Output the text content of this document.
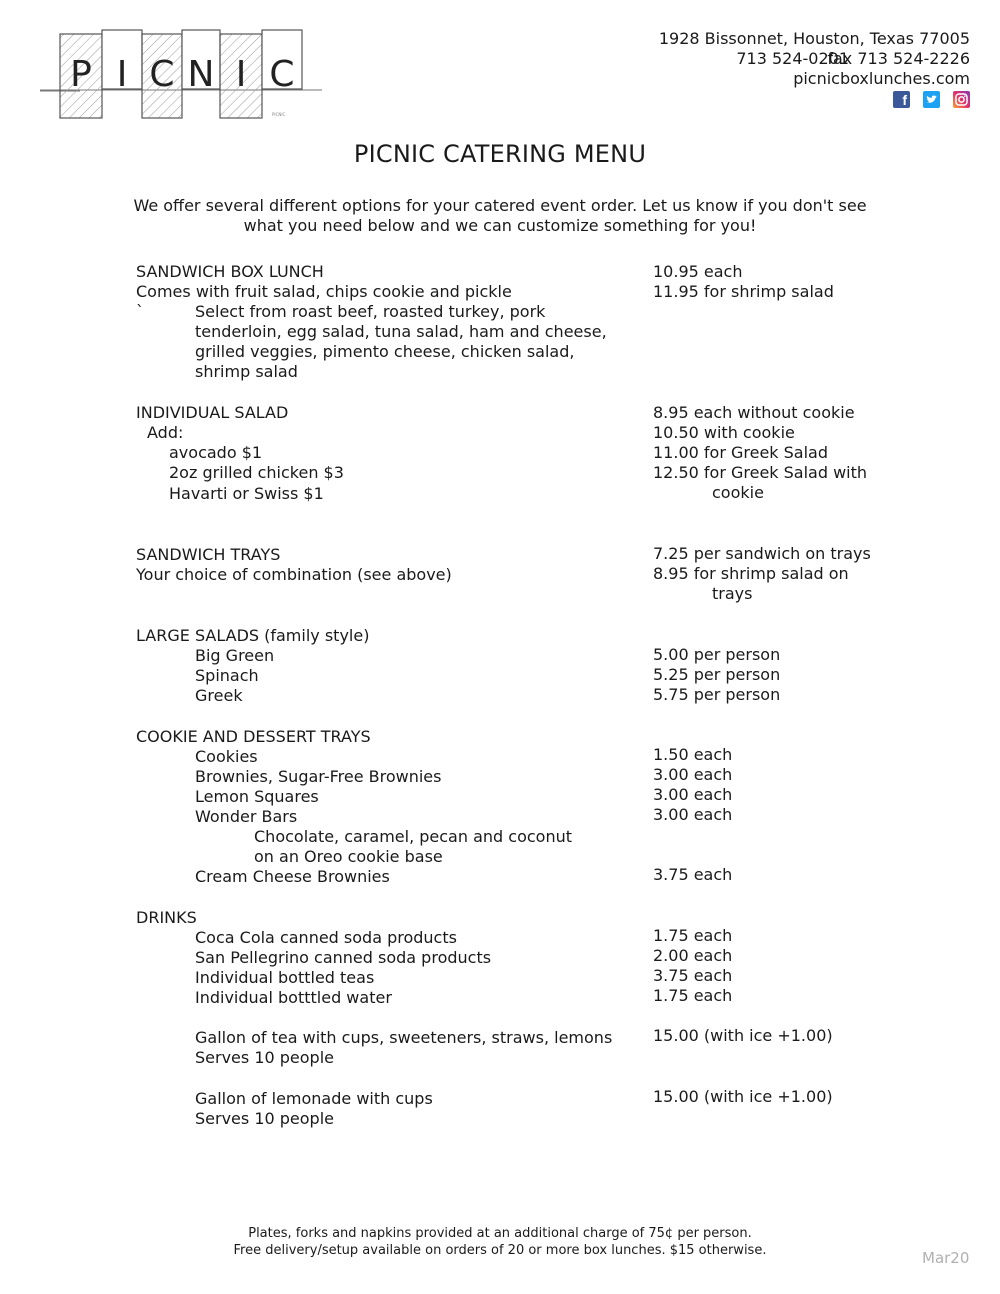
P I C N I C
PICNIC
1928 Bissonnet, Houston, Texas 77005
713 524-0201
fax 713 524-2226
picnicboxlunches.com
f
PICNIC CATERING MENU
We offer several different options for your catered event order. Let us know if you don't see
what you need below and we can customize something for you!
SANDWICH BOX LUNCH
Comes with fruit salad, chips cookie and pickle
`	Select from roast beef, roasted turkey, pork
tenderloin, egg salad, tuna salad, ham and cheese,
grilled veggies, pimento cheese, chicken salad,
shrimp salad
10.95 each
11.95 for shrimp salad
INDIVIDUAL SALAD
Add:
avocado $1
2oz grilled chicken $3
Havarti or Swiss $1
8.95 each without cookie
10.50 with cookie
11.00 for Greek Salad
12.50 for Greek Salad with
cookie
SANDWICH TRAYS
Your choice of combination (see above)
7.25 per sandwich on trays
8.95 for shrimp salad on
trays
LARGE SALADS (family style)
Big Green
Spinach
Greek
5.00 per person
5.25 per person
5.75 per person
COOKIE AND DESSERT TRAYS
Cookies
Brownies, Sugar-Free Brownies
Lemon Squares
Wonder Bars
Chocolate, caramel, pecan and coconut
on an Oreo cookie base
Cream Cheese Brownies
1.50 each
3.00 each
3.00 each
3.00 each
3.75 each
DRINKS
Coca Cola canned soda products
San Pellegrino canned soda products
Individual bottled teas
Individual botttled water
1.75 each
2.00 each
3.75 each
1.75 each
Gallon of tea with cups, sweeteners, straws, lemons
Serves 10 people
15.00 (with ice +1.00)
Gallon of lemonade with cups
Serves 10 people
15.00 (with ice +1.00)
Plates, forks and napkins provided at an additional charge of 75¢ per person.
Free delivery/setup available on orders of 20 or more box lunches. $15 otherwise.	Mar20
